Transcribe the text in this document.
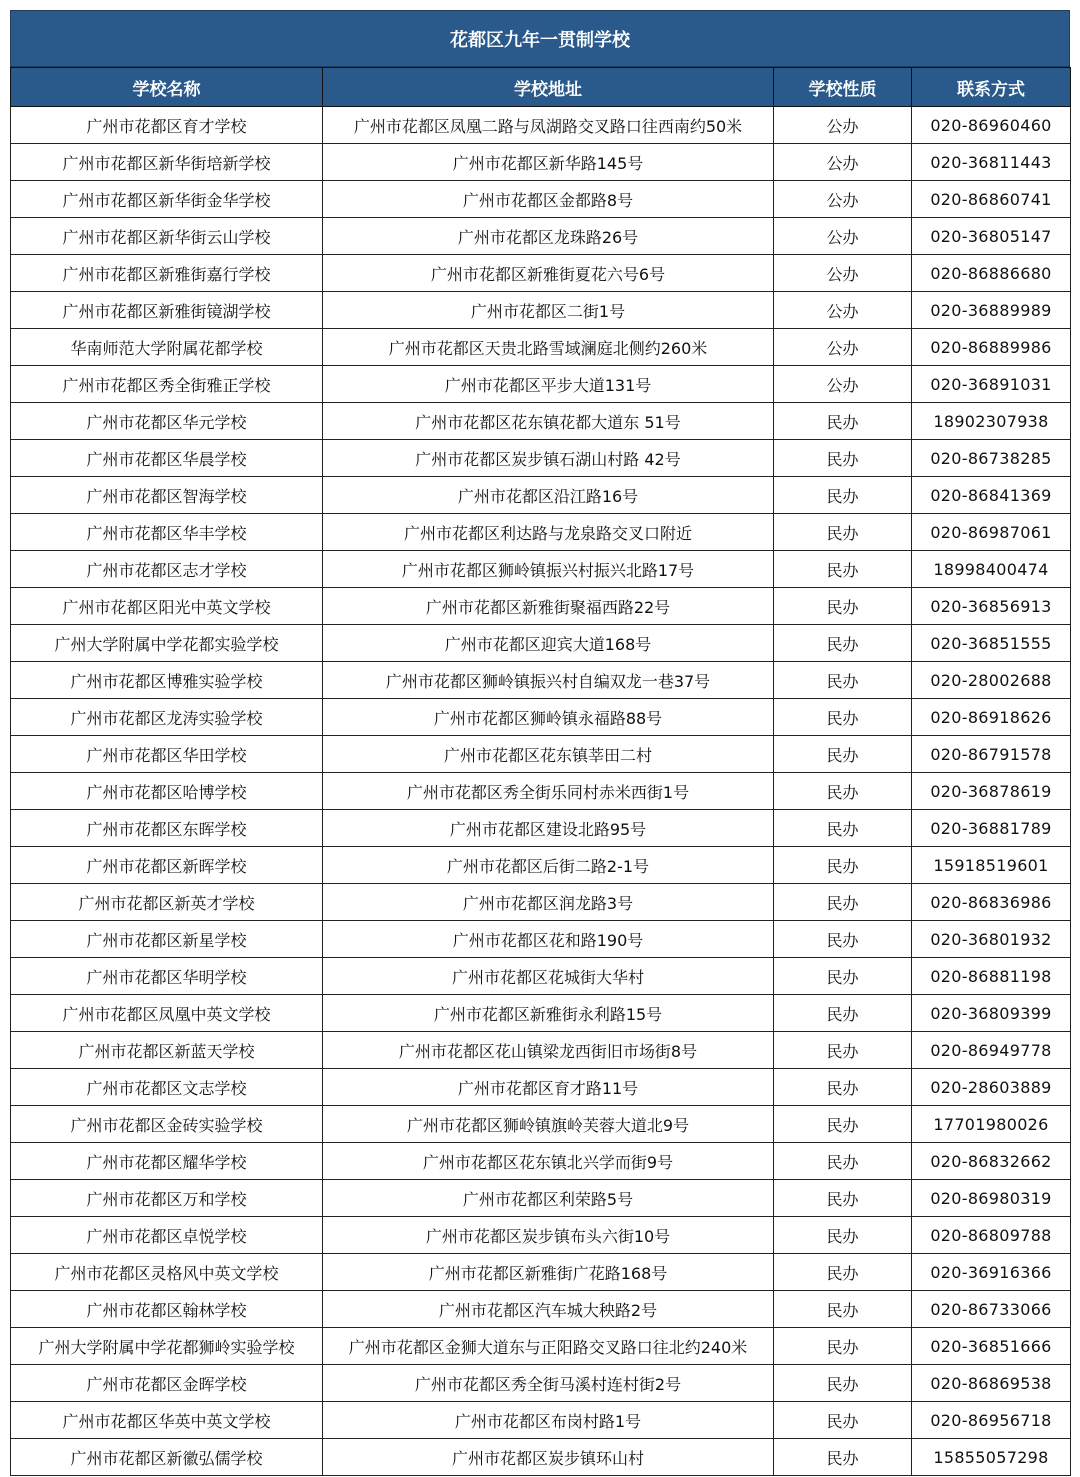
花都区九年一贯制学校
学校名称	学校地址	学校性质	联系方式
广州市花都区育才学校	广州市花都区凤凰二路与凤湖路交叉路口往西南约50米	公办	020-86960460
广州市花都区新华街培新学校	广州市花都区新华路145号	公办	020-36811443
广州市花都区新华街金华学校	广州市花都区金都路8号	公办	020-86860741
广州市花都区新华街云山学校	广州市花都区龙珠路26号	公办	020-36805147
广州市花都区新雅街嘉行学校	广州市花都区新雅街夏花六号6号	公办	020-86886680
广州市花都区新雅街镜湖学校	广州市花都区二街1号	公办	020-36889989
华南师范大学附属花都学校	广州市花都区天贵北路雪域澜庭北侧约260米	公办	020-86889986
广州市花都区秀全街雅正学校	广州市花都区平步大道131号	公办	020-36891031
广州市花都区华元学校	广州市花都区花东镇花都大道东 51号	民办	18902307938
广州市花都区华晨学校	广州市花都区炭步镇石湖山村路 42号	民办	020-86738285
广州市花都区智海学校	广州市花都区沿江路16号	民办	020-86841369
广州市花都区华丰学校	广州市花都区利达路与龙泉路交叉口附近	民办	020-86987061
广州市花都区志才学校	广州市花都区狮岭镇振兴村振兴北路17号	民办	18998400474
广州市花都区阳光中英文学校	广州市花都区新雅街聚福西路22号	民办	020-36856913
广州大学附属中学花都实验学校	广州市花都区迎宾大道168号	民办	020-36851555
广州市花都区博雅实验学校	广州市花都区狮岭镇振兴村自编双龙一巷37号	民办	020-28002688
广州市花都区龙涛实验学校	广州市花都区狮岭镇永福路88号	民办	020-86918626
广州市花都区华田学校	广州市花都区花东镇莘田二村	民办	020-86791578
广州市花都区哈博学校	广州市花都区秀全街乐同村赤米西街1号	民办	020-36878619
广州市花都区东晖学校	广州市花都区建设北路95号	民办	020-36881789
广州市花都区新晖学校	广州市花都区后街二路2-1号	民办	15918519601
广州市花都区新英才学校	广州市花都区润龙路3号	民办	020-86836986
广州市花都区新星学校	广州市花都区花和路190号	民办	020-36801932
广州市花都区华明学校	广州市花都区花城街大华村	民办	020-86881198
广州市花都区凤凰中英文学校	广州市花都区新雅街永利路15号	民办	020-36809399
广州市花都区新蓝天学校	广州市花都区花山镇梁龙西街旧市场街8号	民办	020-86949778
广州市花都区文志学校	广州市花都区育才路11号	民办	020-28603889
广州市花都区金砖实验学校	广州市花都区狮岭镇旗岭芙蓉大道北9号	民办	17701980026
广州市花都区耀华学校	广州市花都区花东镇北兴学而街9号	民办	020-86832662
广州市花都区万和学校	广州市花都区利荣路5号	民办	020-86980319
广州市花都区卓悦学校	广州市花都区炭步镇布头六街10号	民办	020-86809788
广州市花都区灵格风中英文学校	广州市花都区新雅街广花路168号	民办	020-36916366
广州市花都区翰林学校	广州市花都区汽车城大秧路2号	民办	020-86733066
广州大学附属中学花都狮岭实验学校	广州市花都区金狮大道东与正阳路交叉路口往北约240米	民办	020-36851666
广州市花都区金晖学校	广州市花都区秀全街马溪村连村街2号	民办	020-86869538
广州市花都区华英中英文学校	广州市花都区布岗村路1号	民办	020-86956718
广州市花都区新徽弘儒学校	广州市花都区炭步镇环山村	民办	15855057298
